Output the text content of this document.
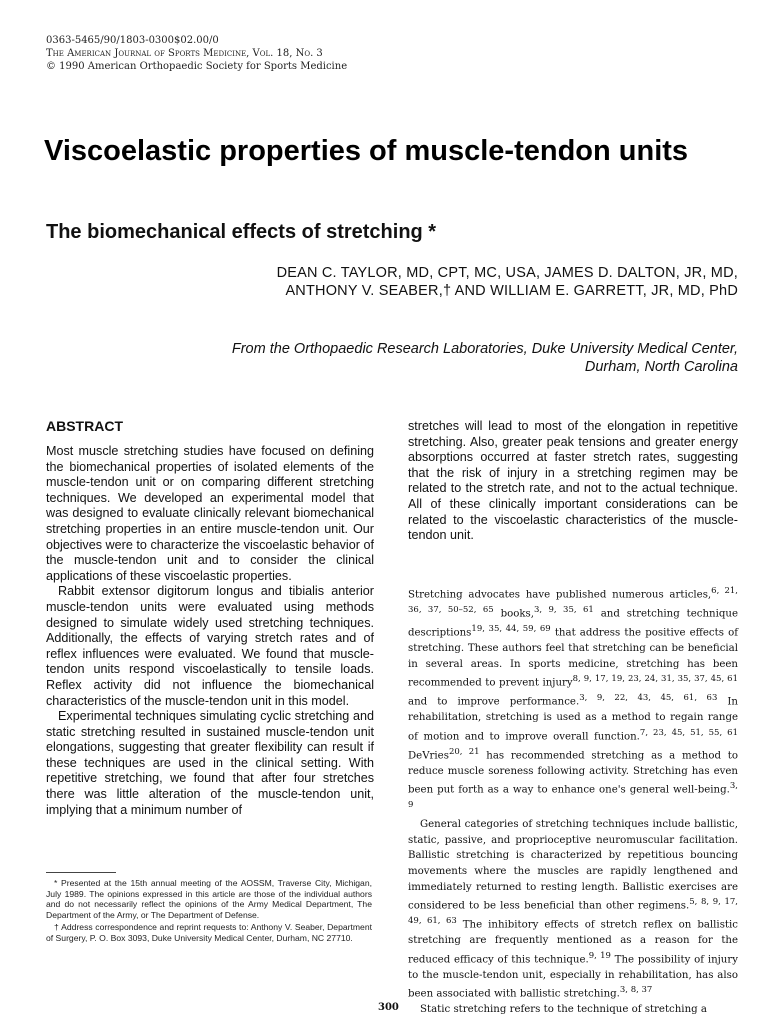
0363-5465/90/1803-0300$02.00/0
The American Journal of Sports Medicine, Vol. 18, No. 3
© 1990 American Orthopaedic Society for Sports Medicine
Viscoelastic properties of muscle-tendon units
The biomechanical effects of stretching *
DEAN C. TAYLOR, MD, CPT, MC, USA, JAMES D. DALTON, JR, MD,
ANTHONY V. SEABER,† AND WILLIAM E. GARRETT, JR, MD, PhD
From the Orthopaedic Research Laboratories, Duke University Medical Center,
Durham, North Carolina
ABSTRACT

Most muscle stretching studies have focused on defining the biomechanical properties of isolated elements of the muscle-tendon unit or on comparing different stretching techniques. We developed an experimental model that was designed to evaluate clinically relevant biomechanical stretching properties in an entire muscle-tendon unit. Our objectives were to characterize the viscoelastic behavior of the muscle-tendon unit and to consider the clinical applications of these viscoelastic properties.

Rabbit extensor digitorum longus and tibialis anterior muscle-tendon units were evaluated using methods designed to simulate widely used stretching techniques. Additionally, the effects of varying stretch rates and of reflex influences were evaluated. We found that muscle-tendon units respond viscoelastically to tensile loads. Reflex activity did not influence the biomechanical characteristics of the muscle-tendon unit in this model.

Experimental techniques simulating cyclic stretching and static stretching resulted in sustained muscle-tendon unit elongations, suggesting that greater flexibility can result if these techniques are used in the clinical setting. With repetitive stretching, we found that after four stretches there was little alteration of the muscle-tendon unit, implying that a minimum number of

stretches will lead to most of the elongation in repetitive stretching. Also, greater peak tensions and greater energy absorptions occurred at faster stretch rates, suggesting that the risk of injury in a stretching regimen may be related to the stretch rate, and not to the actual technique. All of these clinically important considerations can be related to the viscoelastic characteristics of the muscle-tendon unit.

Stretching advocates have published numerous articles,$^{6, 21, 36, 37, 50-52, 65}$ books,$^{3, 9, 35, 61}$ and stretching technique descriptions$^{19, 35, 44, 59, 69}$ that address the positive effects of stretching. These authors feel that stretching can be beneficial in several areas. In sports medicine, stretching has been recommended to prevent injury$^{8, 9, 17, 19, 23, 24, 31, 35, 37, 45, 61}$ and to improve performance.$^{3, 9, 22, 43, 45, 61, 63}$ In rehabilitation, stretching is used as a method to regain range of motion and to improve overall function.$^{7, 23, 45, 51, 55, 61}$ DeVries$^{20, 21}$ has recommended stretching as a method to reduce muscle soreness following activity. Stretching has even been put forth as a way to enhance one's general well-being.$^{3, 9}$

General categories of stretching techniques include ballistic, static, passive, and proprioceptive neuromuscular facilitation. Ballistic stretching is characterized by repetitious bouncing movements where the muscles are rapidly lengthened and immediately returned to resting length. Ballistic exercises are considered to be less beneficial than other regimens.$^{5, 8, 9, 17, 49, 61, 63}$ The inhibitory effects of stretch reflex on ballistic stretching are frequently mentioned as a reason for the reduced efficacy of this technique.$^{9, 19}$ The possibility of injury to the muscle-tendon unit, especially in rehabilitation, has also been associated with ballistic stretching.$^{3, 8, 37}$

Static stretching refers to the technique of stretching a

* Presented at the 15th annual meeting of the AOSSM, Traverse City, Michigan, July 1989. The opinions expressed in this article are those of the individual authors and do not necessarily reflect the opinions of the Army Medical Department, The Department of the Army, or The Department of Defense.

† Address correspondence and reprint requests to: Anthony V. Seaber, Department of Surgery, P. O. Box 3093, Duke University Medical Center, Durham, NC 27710.

300
